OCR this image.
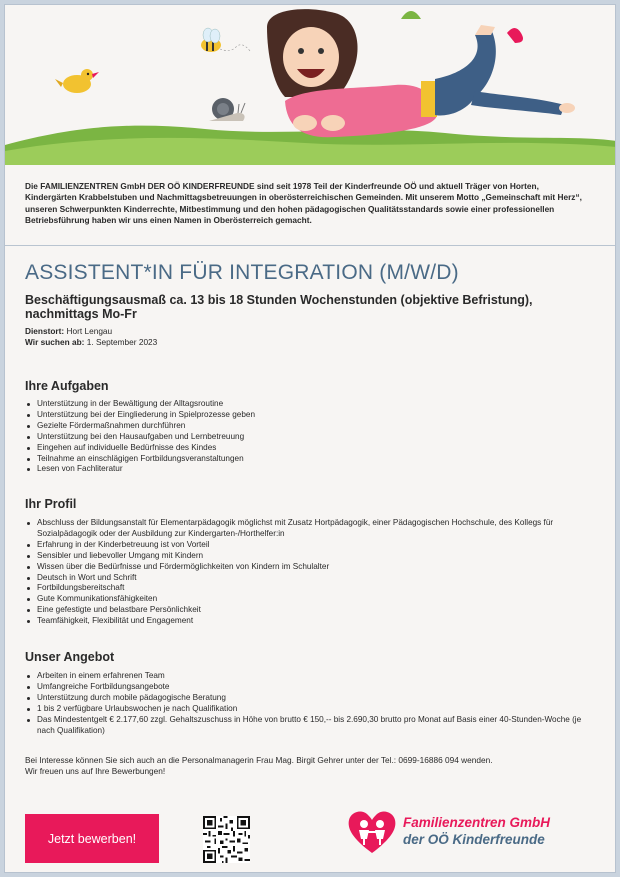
Die FAMILIENZENTREN GmbH DER OÖ KINDERFREUNDE sind seit 1978 Teil der Kinderfreunde OÖ und aktuell Träger von Horten, Kindergärten Krabbelstuben und Nachmittagsbetreuungen in oberösterreichischen Gemeinden. Mit unserem Motto „Gemeinschaft mit Herz“, unseren Schwerpunkten Kinderrechte, Mitbestimmung und den hohen pädagogischen Qualitätsstandards sowie einer professionellen Betriebsführung haben wir uns einen Namen in Oberösterreich gemacht.

ASSISTENT*IN FÜR INTEGRATION (M/W/D)
Beschäftigungsausmaß ca. 13 bis 18 Stunden Wochenstunden (objektive Befristung), nachmittags Mo-Fr
Dienstort: Hort Lengau
Wir suchen ab: 1. September 2023
Ihre Aufgaben
Unterstützung in der Bewältigung der Alltagsroutine
Unterstützung bei der Eingliederung in Spielprozesse geben
Gezielte Fördermaßnahmen durchführen
Unterstützung bei den Hausaufgaben und Lernbetreuung
Eingehen auf individuelle Bedürfnisse des Kindes
Teilnahme an einschlägigen Fortbildungsveranstaltungen
Lesen von Fachliteratur
Ihr Profil
Abschluss der Bildungsanstalt für Elementarpädagogik möglichst mit Zusatz Hortpädagogik, einer Pädagogischen Hochschule, des Kollegs für Sozialpädagogik oder der Ausbildung zur Kindergarten-/Horthelfer:in
Erfahrung in der Kinderbetreuung ist von Vorteil
Sensibler und liebevoller Umgang mit Kindern
Wissen über die Bedürfnisse und Fördermöglichkeiten von Kindern im Schulalter
Deutsch in Wort und Schrift
Fortbildungsbereitschaft
Gute Kommunikationsfähigkeiten
Eine gefestigte und belastbare Persönlichkeit
Teamfähigkeit, Flexibilität und Engagement
Unser Angebot
Arbeiten in einem erfahrenen Team
Umfangreiche Fortbildungsangebote
Unterstützung durch mobile pädagogische Beratung
1 bis 2 verfügbare Urlaubswochen je nach Qualifikation
Das Mindestentgelt € 2.177,60 zzgl. Gehaltszuschuss in Höhe von brutto € 150,-- bis 2.690,30 brutto pro Monat auf Basis einer 40-Stunden-Woche (je nach Qualifikation)
Bei Interesse können Sie sich auch an die Personalmanagerin Frau Mag. Birgit Gehrer unter der Tel.: 0699-16886 094 wenden.
Wir freuen uns auf Ihre Bewerbungen!
Jetzt bewerben!
Familienzentren GmbH
der OÖ Kinderfreunde
